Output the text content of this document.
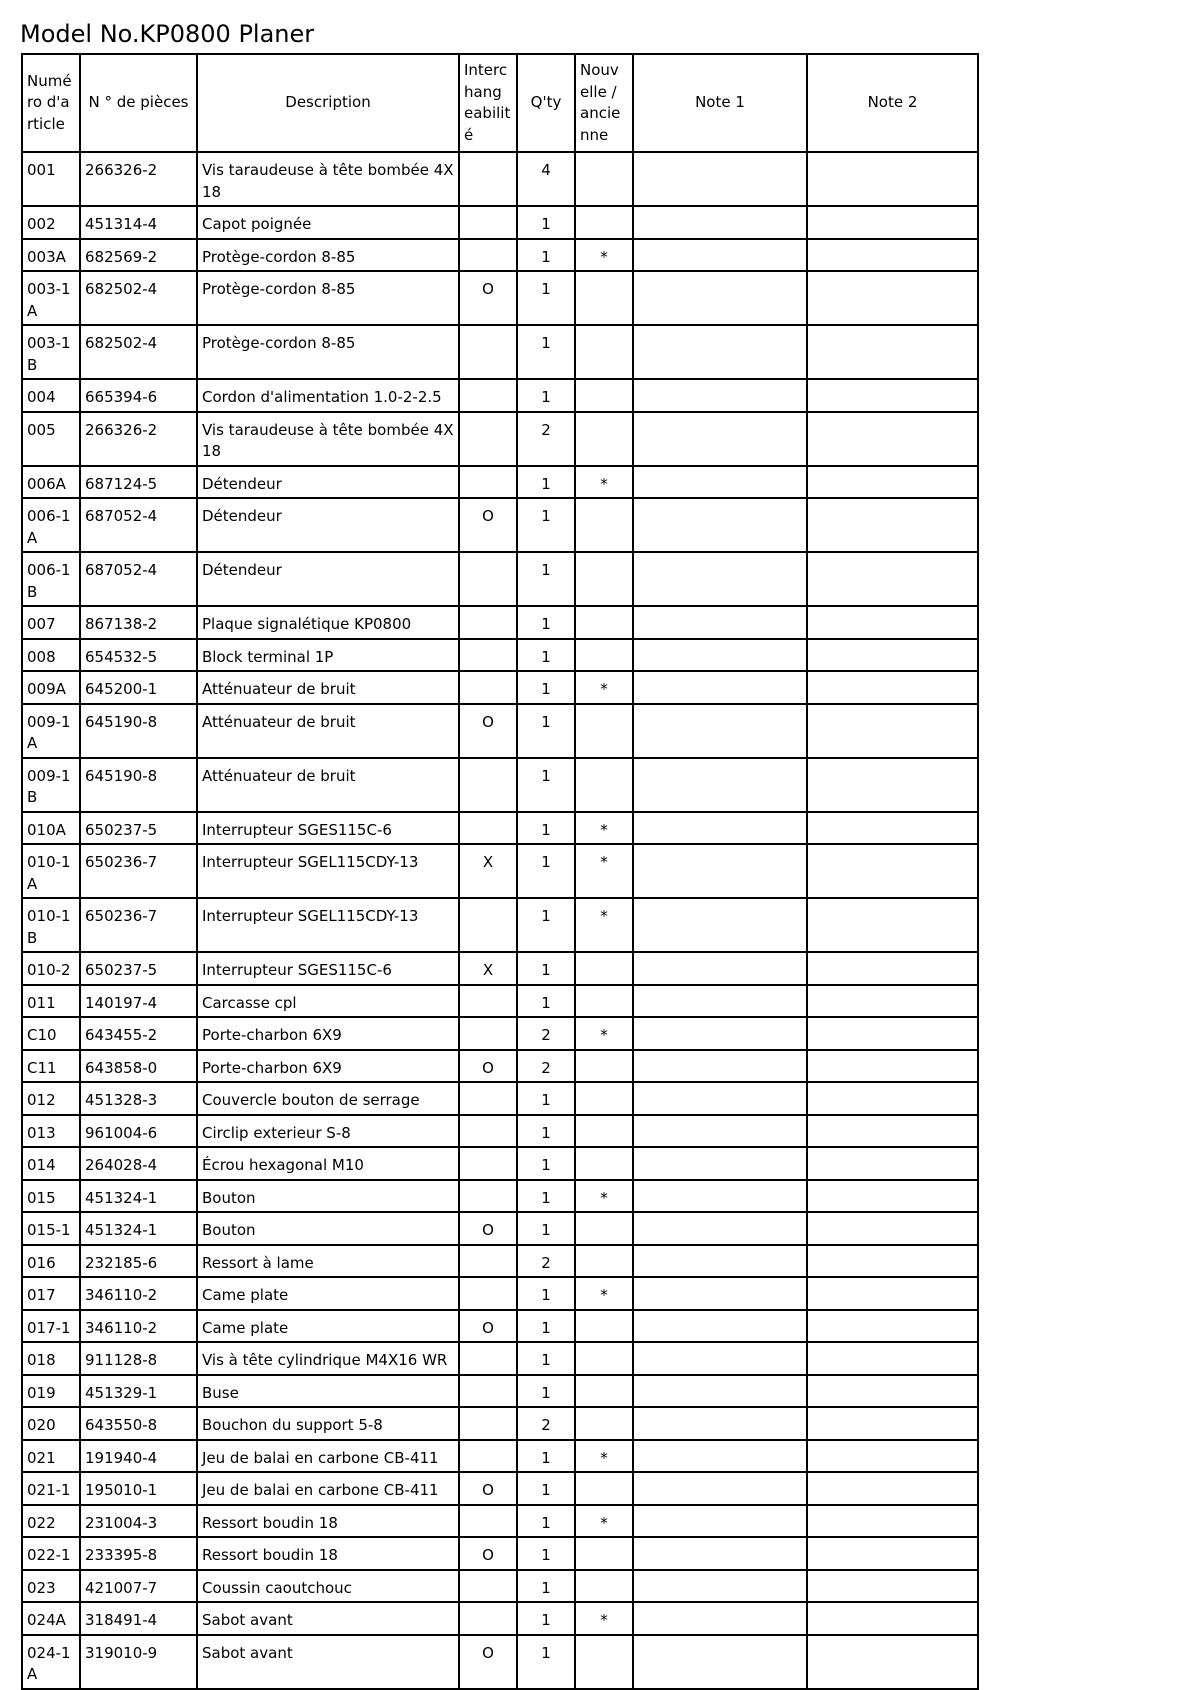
Model No.KP0800 Planer
Numé ro d'a rticle	N ° de pièces	Description	Interc hang eabilit é	Q'ty	Nouv elle / ancie nne	Note 1	Note 2
001	266326-2	Vis taraudeuse à tête bombée 4X 18		4			
002	451314-4	Capot poignée		1			
003A	682569-2	Protège-cordon 8-85		1	*		
003-1 A	682502-4	Protège-cordon 8-85	O	1			
003-1 B	682502-4	Protège-cordon 8-85		1			
004	665394-6	Cordon d'alimentation 1.0-2-2.5		1			
005	266326-2	Vis taraudeuse à tête bombée 4X 18		2			
006A	687124-5	Détendeur		1	*		
006-1 A	687052-4	Détendeur	O	1			
006-1 B	687052-4	Détendeur		1			
007	867138-2	Plaque signalétique KP0800		1			
008	654532-5	Block terminal 1P		1			
009A	645200-1	Atténuateur de bruit		1	*		
009-1 A	645190-8	Atténuateur de bruit	O	1			
009-1 B	645190-8	Atténuateur de bruit		1			
010A	650237-5	Interrupteur SGES115C-6		1	*		
010-1 A	650236-7	Interrupteur SGEL115CDY-13	X	1	*		
010-1 B	650236-7	Interrupteur SGEL115CDY-13		1	*		
010-2	650237-5	Interrupteur SGES115C-6	X	1			
011	140197-4	Carcasse cpl		1			
C10	643455-2	Porte-charbon 6X9		2	*		
C11	643858-0	Porte-charbon 6X9	O	2			
012	451328-3	Couvercle bouton de serrage		1			
013	961004-6	Circlip exterieur S-8		1			
014	264028-4	Écrou hexagonal M10		1			
015	451324-1	Bouton		1	*		
015-1	451324-1	Bouton	O	1			
016	232185-6	Ressort à lame		2			
017	346110-2	Came plate		1	*		
017-1	346110-2	Came plate	O	1			
018	911128-8	Vis à tête cylindrique M4X16 WR		1			
019	451329-1	Buse		1			
020	643550-8	Bouchon du support 5-8		2			
021	191940-4	Jeu de balai en carbone CB-411		1	*		
021-1	195010-1	Jeu de balai en carbone CB-411	O	1			
022	231004-3	Ressort boudin 18		1	*		
022-1	233395-8	Ressort boudin 18	O	1			
023	421007-7	Coussin caoutchouc		1			
024A	318491-4	Sabot avant		1	*		
024-1 A	319010-9	Sabot avant	O	1			
